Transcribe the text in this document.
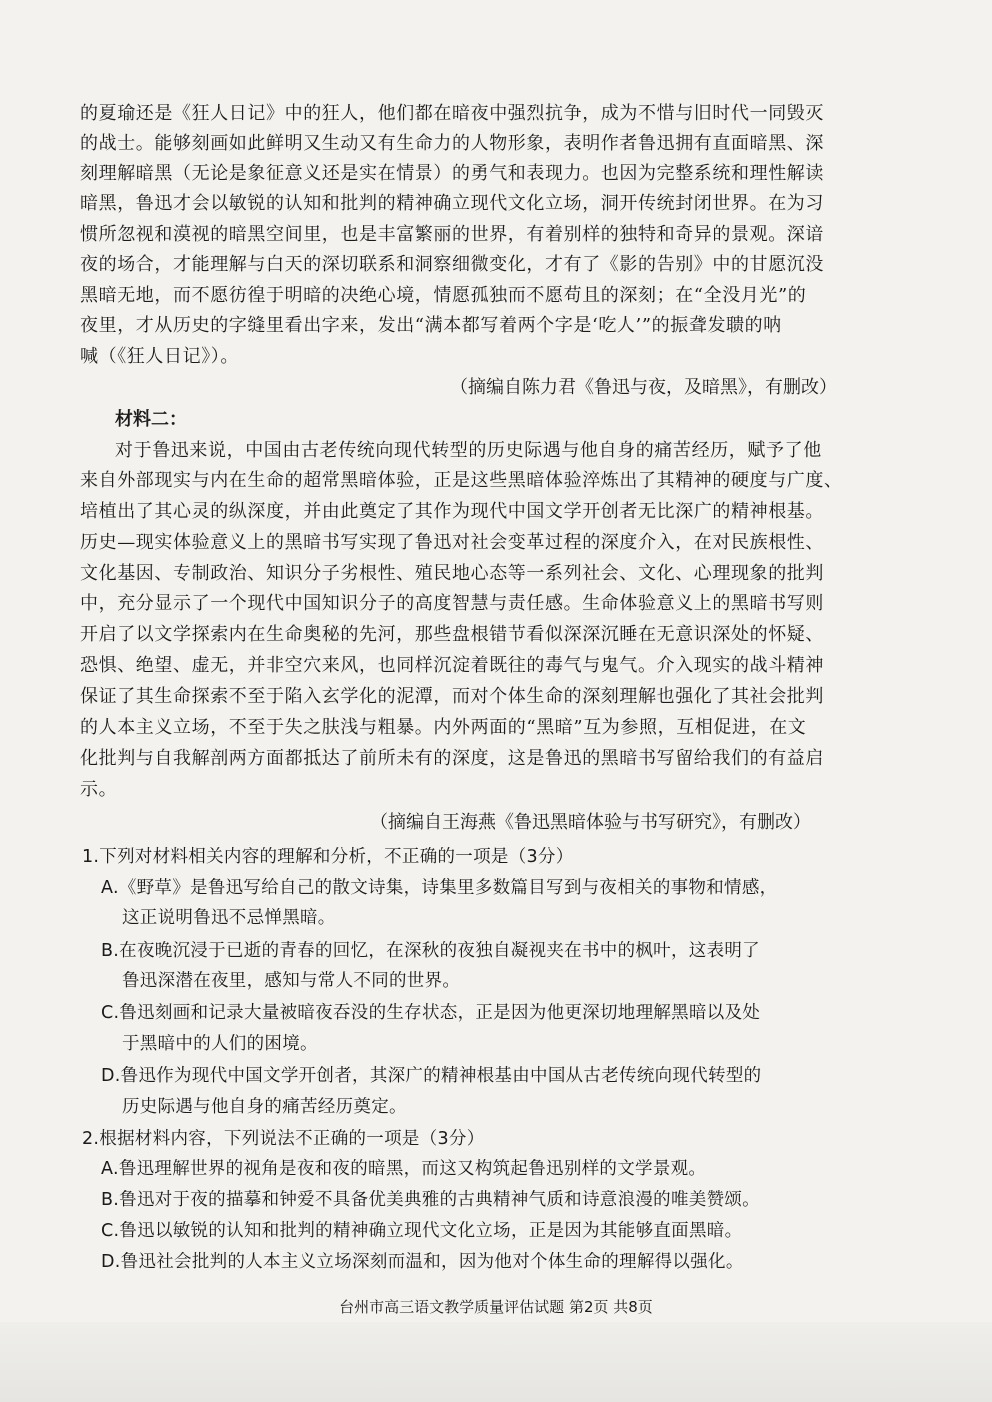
的夏瑜还是《狂人日记》中的狂人，他们都在暗夜中强烈抗争，成为不惜与旧时代一同毁灭
的战士。能够刻画如此鲜明又生动又有生命力的人物形象，表明作者鲁迅拥有直面暗黑、深
刻理解暗黑（无论是象征意义还是实在情景）的勇气和表现力。也因为完整系统和理性解读
暗黑，鲁迅才会以敏锐的认知和批判的精神确立现代文化立场，洞开传统封闭世界。在为习
惯所忽视和漠视的暗黑空间里，也是丰富繁丽的世界，有着别样的独特和奇异的景观。深谙
夜的场合，才能理解与白天的深切联系和洞察细微变化，才有了《影的告别》中的甘愿沉没
黑暗无地，而不愿彷徨于明暗的决绝心境，情愿孤独而不愿苟且的深刻；在“全没月光”的
夜里，才从历史的字缝里看出字来，发出“满本都写着两个字是‘吃人’”的振聋发聩的呐
喊（《狂人日记》）。
（摘编自陈力君《鲁迅与夜，及暗黑》，有删改）
材料二：
对于鲁迅来说，中国由古老传统向现代转型的历史际遇与他自身的痛苦经历，赋予了他
来自外部现实与内在生命的超常黑暗体验，正是这些黑暗体验淬炼出了其精神的硬度与广度、
培植出了其心灵的纵深度，并由此奠定了其作为现代中国文学开创者无比深广的精神根基。
历史—现实体验意义上的黑暗书写实现了鲁迅对社会变革过程的深度介入，在对民族根性、
文化基因、专制政治、知识分子劣根性、殖民地心态等一系列社会、文化、心理现象的批判
中，充分显示了一个现代中国知识分子的高度智慧与责任感。生命体验意义上的黑暗书写则
开启了以文学探索内在生命奥秘的先河，那些盘根错节看似深深沉睡在无意识深处的怀疑、
恐惧、绝望、虚无，并非空穴来风，也同样沉淀着既往的毒气与鬼气。介入现实的战斗精神
保证了其生命探索不至于陷入玄学化的泥潭，而对个体生命的深刻理解也强化了其社会批判
的人本主义立场，不至于失之肤浅与粗暴。内外两面的“黑暗”互为参照，互相促进，在文
化批判与自我解剖两方面都抵达了前所未有的深度，这是鲁迅的黑暗书写留给我们的有益启
示。
（摘编自王海燕《鲁迅黑暗体验与书写研究》，有删改）
1.下列对材料相关内容的理解和分析，不正确的一项是（3分）
A.《野草》是鲁迅写给自己的散文诗集，诗集里多数篇目写到与夜相关的事物和情感，
这正说明鲁迅不忌惮黑暗。
B.在夜晚沉浸于已逝的青春的回忆，在深秋的夜独自凝视夹在书中的枫叶，这表明了
鲁迅深潜在夜里，感知与常人不同的世界。
C.鲁迅刻画和记录大量被暗夜吞没的生存状态，正是因为他更深切地理解黑暗以及处
于黑暗中的人们的困境。
D.鲁迅作为现代中国文学开创者，其深广的精神根基由中国从古老传统向现代转型的
历史际遇与他自身的痛苦经历奠定。
2.根据材料内容，下列说法不正确的一项是（3分）
A.鲁迅理解世界的视角是夜和夜的暗黑，而这又构筑起鲁迅别样的文学景观。
B.鲁迅对于夜的描摹和钟爱不具备优美典雅的古典精神气质和诗意浪漫的唯美赞颂。
C.鲁迅以敏锐的认知和批判的精神确立现代文化立场，正是因为其能够直面黑暗。
D.鲁迅社会批判的人本主义立场深刻而温和，因为他对个体生命的理解得以强化。
台州市高三语文教学质量评估试题 第2页 共8页
